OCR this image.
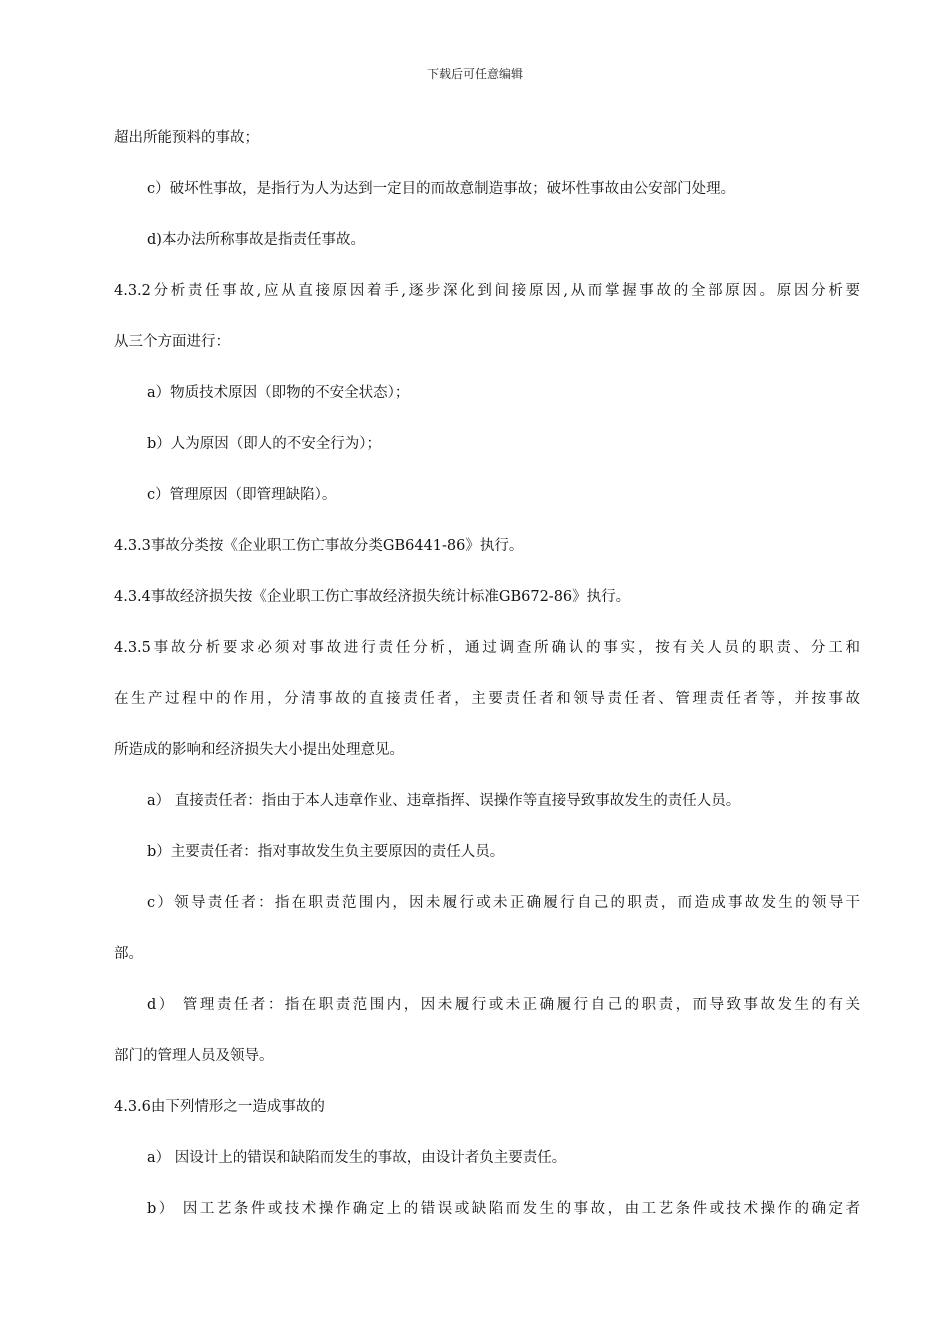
下载后可任意编辑
超出所能预料的事故；
c）破坏性事故，是指行为人为达到一定目的而故意制造事故；破坏性事故由公安部门处理。
d)本办法所称事故是指责任事故。
4.3.2分析责任事故,应从直接原因着手,逐步深化到间接原因,从而掌握事故的全部原因。原因分析要
从三个方面进行：
a）物质技术原因（即物的不安全状态）；
b）人为原因（即人的不安全行为）；
c）管理原因（即管理缺陷）。
4.3.3事故分类按《企业职工伤亡事故分类GB6441-86》执行。
4.3.4事故经济损失按《企业职工伤亡事故经济损失统计标准GB672-86》执行。
4.3.5事故分析要求必须对事故进行责任分析，通过调查所确认的事实，按有关人员的职责、分工和
在生产过程中的作用，分清事故的直接责任者，主要责任者和领导责任者、管理责任者等，并按事故
所造成的影响和经济损失大小提出处理意见。
a） 直接责任者：指由于本人违章作业、违章指挥、误操作等直接导致事故发生的责任人员。
b）主要责任者：指对事故发生负主要原因的责任人员。
c）领导责任者：指在职责范围内，因未履行或未正确履行自己的职责，而造成事故发生的领导干
部。
d） 管理责任者：指在职责范围内，因未履行或未正确履行自己的职责，而导致事故发生的有关
部门的管理人员及领导。
4.3.6由下列情形之一造成事故的
a） 因设计上的错误和缺陷而发生的事故，由设计者负主要责任。
b） 因工艺条件或技术操作确定上的错误或缺陷而发生的事故，由工艺条件或技术操作的确定者
